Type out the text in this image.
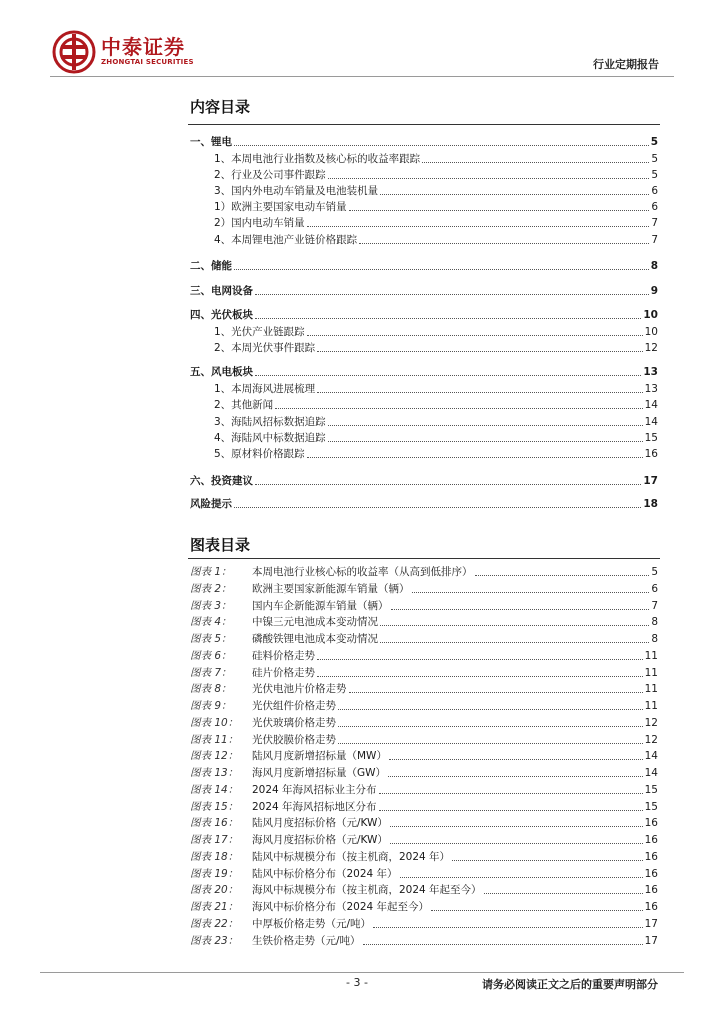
中泰证券
ZHONGTAI SECURITIES	行业定期报告
内容目录
一、锂电	5
1、本周电池行业指数及核心标的收益率跟踪	5
2、行业及公司事件跟踪	5
3、国内外电动车销量及电池装机量	6
1）欧洲主要国家电动车销量	6
2）国内电动车销量	7
4、本周锂电池产业链价格跟踪	7
二、储能	8
三、电网设备	9
四、光伏板块	10
1、光伏产业链跟踪	10
2、本周光伏事件跟踪	12
五、风电板块	13
1、本周海风进展梳理	13
2、其他新闻	14
3、海陆风招标数据追踪	14
4、海陆风中标数据追踪	15
5、原材料价格跟踪	16
六、投资建议	17
风险提示	18
图表目录
图表 1：	本周电池行业核心标的收益率（从高到低排序）	5
图表 2：	欧洲主要国家新能源车销量（辆）	6
图表 3：	国内车企新能源车销量（辆）	7
图表 4：	中镍三元电池成本变动情况	8
图表 5：	磷酸铁锂电池成本变动情况	8
图表 6：	硅料价格走势	11
图表 7：	硅片价格走势	11
图表 8：	光伏电池片价格走势	11
图表 9：	光伏组件价格走势	11
图表 10：	光伏玻璃价格走势	12
图表 11：	光伏胶膜价格走势	12
图表 12：	陆风月度新增招标量（MW）	14
图表 13：	海风月度新增招标量（GW）	14
图表 14：	2024 年海风招标业主分布	15
图表 15：	2024 年海风招标地区分布	15
图表 16：	陆风月度招标价格（元/KW）	16
图表 17：	海风月度招标价格（元/KW）	16
图表 18：	陆风中标规模分布（按主机商，2024 年）	16
图表 19：	陆风中标价格分布（2024 年）	16
图表 20：	海风中标规模分布（按主机商，2024 年起至今）	16
图表 21：	海风中标价格分布（2024 年起至今）	16
图表 22：	中厚板价格走势（元/吨）	17
图表 23：	生铁价格走势（元/吨）	17
- 3 -	请务必阅读正文之后的重要声明部分
